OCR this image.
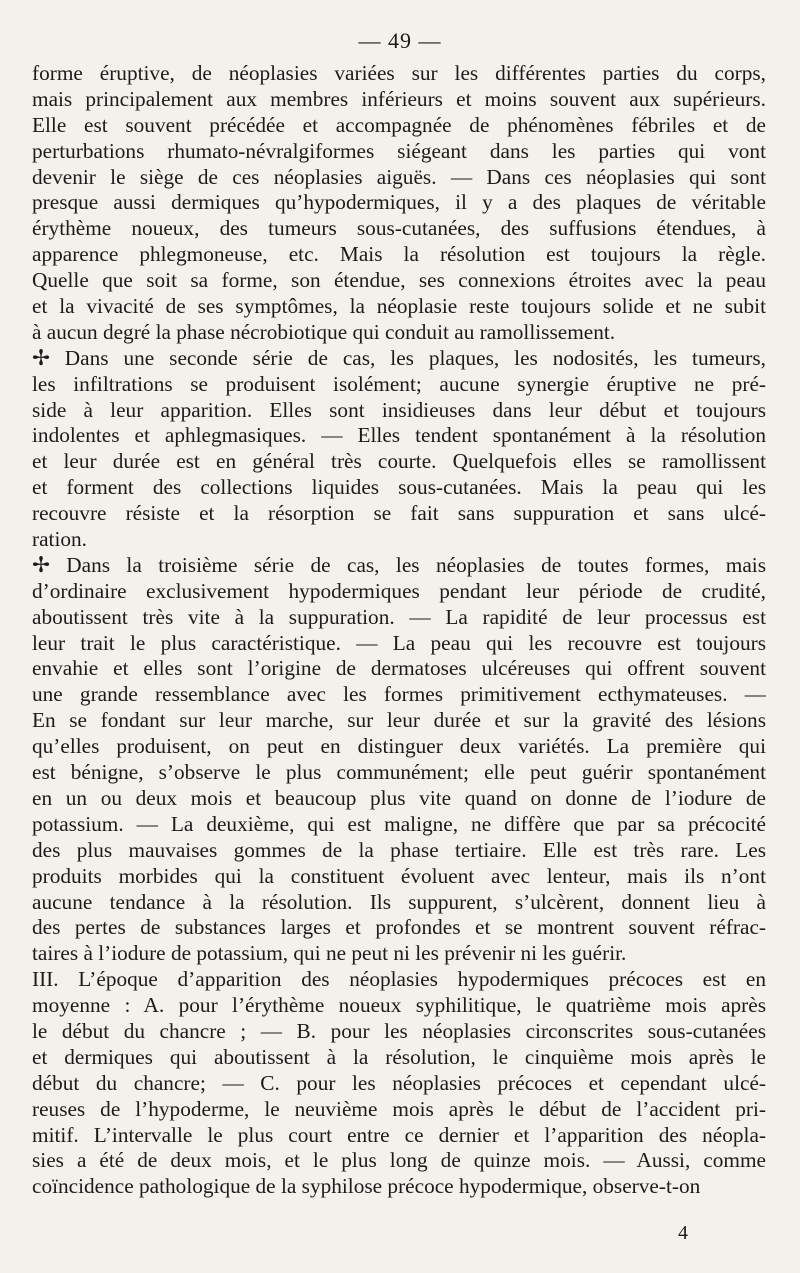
— 49 —
forme éruptive, de néoplasies variées sur les différentes parties du corps,
mais principalement aux membres inférieurs et moins souvent aux supérieurs.
Elle est souvent précédée et accompagnée de phénomènes fébriles et de
perturbations rhumato-névralgiformes siégeant dans les parties qui vont
devenir le siège de ces néoplasies aiguës. — Dans ces néoplasies qui sont
presque aussi dermiques qu’hypodermiques, il y a des plaques de véritable
érythème noueux, des tumeurs sous-cutanées, des suffusions étendues, à
apparence phlegmoneuse, etc. Mais la résolution est toujours la règle.
Quelle que soit sa forme, son étendue, ses connexions étroites avec la peau
et la vivacité de ses symptômes, la néoplasie reste toujours solide et ne subit
à aucun degré la phase nécrobiotique qui conduit au ramollissement.
✢ Dans une seconde série de cas, les plaques, les nodosités, les tumeurs,
les infiltrations se produisent isolément; aucune synergie éruptive ne pré-
side à leur apparition. Elles sont insidieuses dans leur début et toujours
indolentes et aphlegmasiques. — Elles tendent spontanément à la résolution
et leur durée est en général très courte. Quelquefois elles se ramollissent
et forment des collections liquides sous-cutanées. Mais la peau qui les
recouvre résiste et la résorption se fait sans suppuration et sans ulcé-
ration.
✢ Dans la troisième série de cas, les néoplasies de toutes formes, mais
d’ordinaire exclusivement hypodermiques pendant leur période de crudité,
aboutissent très vite à la suppuration. — La rapidité de leur processus est
leur trait le plus caractéristique. — La peau qui les recouvre est toujours
envahie et elles sont l’origine de dermatoses ulcéreuses qui offrent souvent
une grande ressemblance avec les formes primitivement ecthymateuses. —
En se fondant sur leur marche, sur leur durée et sur la gravité des lésions
qu’elles produisent, on peut en distinguer deux variétés. La première qui
est bénigne, s’observe le plus communément; elle peut guérir spontanément
en un ou deux mois et beaucoup plus vite quand on donne de l’iodure de
potassium. — La deuxième, qui est maligne, ne diffère que par sa précocité
des plus mauvaises gommes de la phase tertiaire. Elle est très rare. Les
produits morbides qui la constituent évoluent avec lenteur, mais ils n’ont
aucune tendance à la résolution. Ils suppurent, s’ulcèrent, donnent lieu à
des pertes de substances larges et profondes et se montrent souvent réfrac-
taires à l’iodure de potassium, qui ne peut ni les prévenir ni les guérir.
III. L’époque d’apparition des néoplasies hypodermiques précoces est en
moyenne : A. pour l’érythème noueux syphilitique, le quatrième mois après
le début du chancre ; — B. pour les néoplasies circonscrites sous-cutanées
et dermiques qui aboutissent à la résolution, le cinquième mois après le
début du chancre; — C. pour les néoplasies précoces et cependant ulcé-
reuses de l’hypoderme, le neuvième mois après le début de l’accident pri-
mitif. L’intervalle le plus court entre ce dernier et l’apparition des néopla-
sies a été de deux mois, et le plus long de quinze mois. — Aussi, comme
coïncidence pathologique de la syphilose précoce hypodermique, observe-t-on
4
